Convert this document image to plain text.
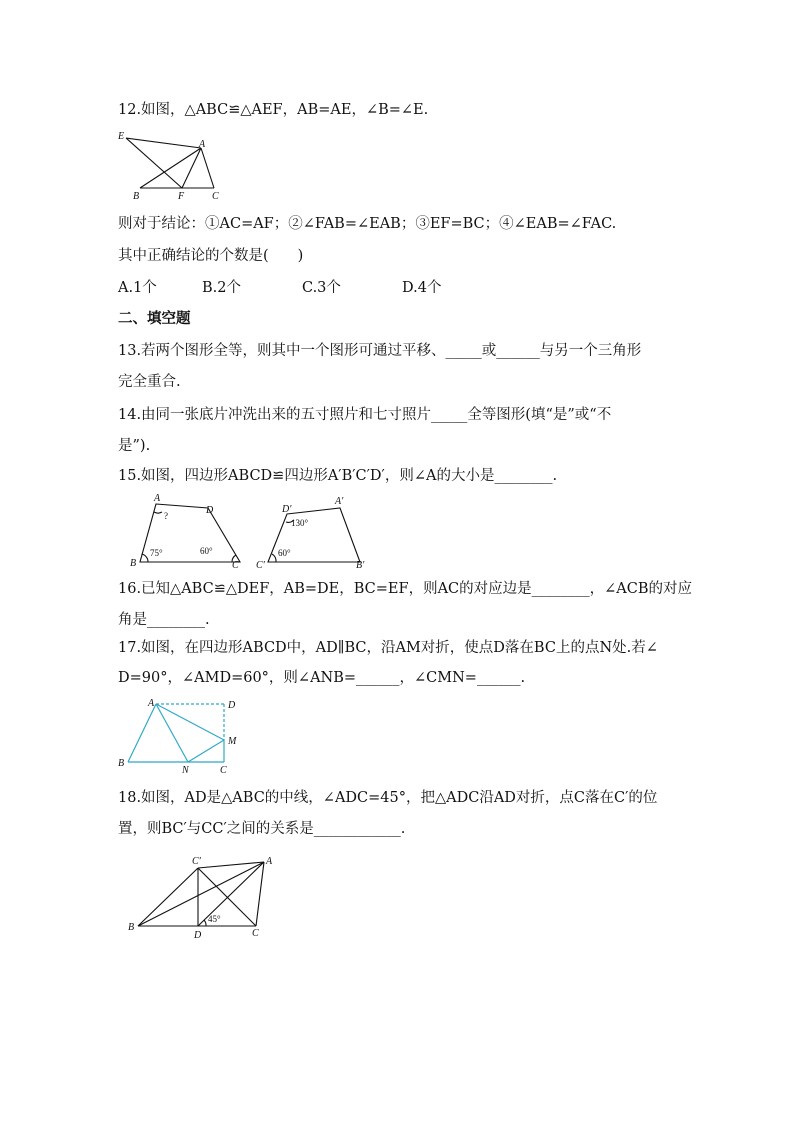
12.如图，△ABC≌△AEF，AB=AE，∠B=∠E.
E
A
B	F	C
则对于结论：①AC=AF；②∠FAB=∠EAB；③EF=BC；④∠EAB=∠FAC.
其中正确结论的个数是(　　)
A.1个	B.2个	C.3个	D.4个
二、填空题
13.若两个图形全等，则其中一个图形可通过平移、_____或______与另一个三角形
完全重合.
14.由同一张底片冲洗出来的五寸照片和七寸照片_____全等图形(填“是”或“不
是”).
15.如图，四边形ABCD≌四边形A′B′C′D′，则∠A的大小是________.
A
D
B	C
?
75°	60°
A′
D′
B′
C′
130°
60°
16.已知△ABC≌△DEF，AB=DE，BC=EF，则AC的对应边是________，∠ACB的对应
角是________.
17.如图，在四边形ABCD中，AD∥BC，沿AM对折，使点D落在BC上的点N处.若∠
D=90°，∠AMD=60°，则∠ANB=______，∠CMN=______.
A	D
M
B
N	C
18.如图，AD是△ABC的中线，∠ADC=45°，把△ADC沿AD对折，点C落在C′的位
置，则BC′与CC′之间的关系是____________.
C′	A
B
D	C
45°
